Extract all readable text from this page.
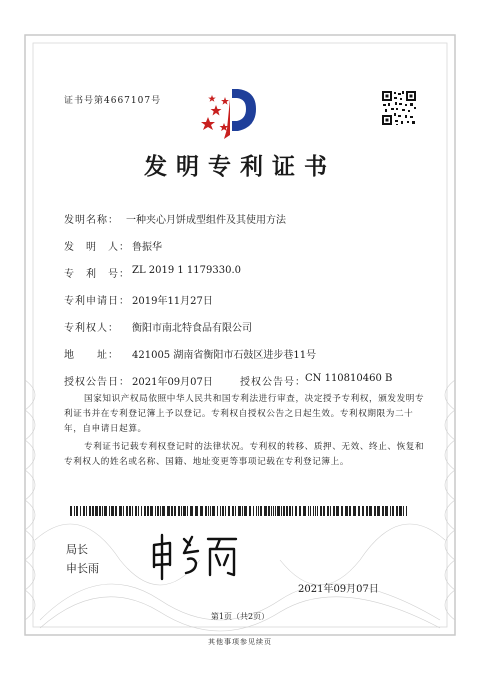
证书号第4667107号
发明专利证书
发明名称： 一种夹心月饼成型组件及其使用方法
发　明　人： 鲁振华
专　利　号： ZL 2019 1 1179330.0
专利申请日： 2019年11月27日
专利权人： 衡阳市南北特食品有限公司
地　　址： 421005 湖南省衡阳市石鼓区进步巷11号
授权公告日： 2021年09月07日	授权公告号： CN 110810460 B
国家知识产权局依照中华人民共和国专利法进行审查，决定授予专利权，颁发发明专利证书并在专利登记簿上予以登记。专利权自授权公告之日起生效。专利权期限为二十年，自申请日起算。
专利证书记载专利权登记时的法律状况。专利权的转移、质押、无效、终止、恢复和专利权人的姓名或名称、国籍、地址变更等事项记载在专利登记簿上。
局长
申长雨
2021年09月07日
第1页（共2页）
其他事项参见续页
